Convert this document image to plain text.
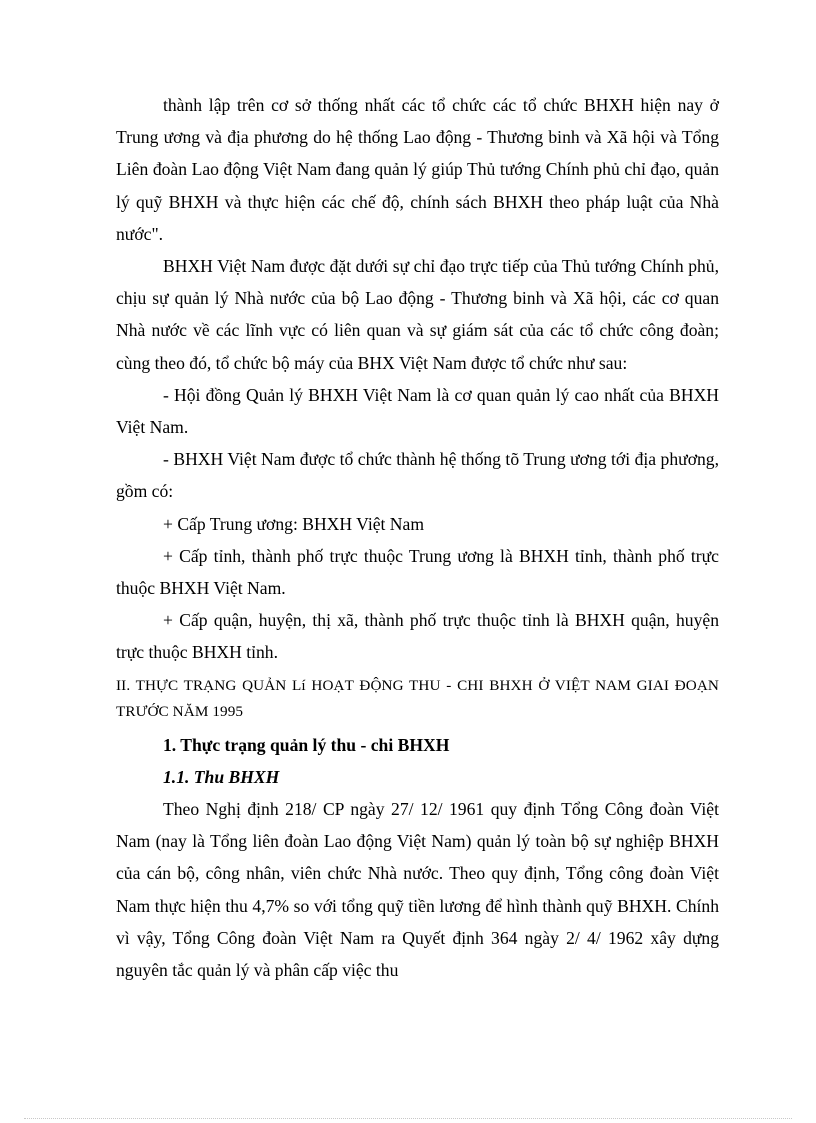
thành lập trên cơ sở thống nhất các tổ chức các tổ chức BHXH hiện nay ở Trung ương và địa phương do hệ thống Lao động - Thương binh và Xã hội và Tổng Liên đoàn Lao động Việt Nam đang quản lý giúp Thủ tướng Chính phủ chỉ đạo, quản lý quỹ BHXH và thực hiện các chế độ, chính sách BHXH theo pháp luật của Nhà nước".

BHXH Việt Nam được đặt dưới sự chỉ đạo trực tiếp của Thủ tướng Chính phủ, chịu sự quản lý Nhà nước của bộ Lao động - Thương binh và Xã hội, các cơ quan Nhà nước về các lĩnh vực có liên quan và sự giám sát của các tổ chức công đoàn; cùng theo đó, tổ chức bộ máy của BHX Việt Nam được tổ chức như sau:

- Hội đồng Quản lý BHXH Việt Nam là cơ quan quản lý cao nhất của BHXH Việt Nam.

- BHXH Việt Nam được tổ chức thành hệ thống tõ Trung ương tới địa phương, gồm có:

+ Cấp Trung ương: BHXH Việt Nam

+ Cấp tỉnh, thành phố trực thuộc Trung ương là BHXH tỉnh, thành phố trực thuộc BHXH Việt Nam.

+ Cấp quận, huyện, thị xã, thành phố trực thuộc tỉnh là BHXH quận, huyện trực thuộc BHXH tỉnh.

II. THỰC TRẠNG QUẢN Lí HOẠT ĐỘNG THU - CHI BHXH Ở VIỆT NAM GIAI ĐOẠN TRƯỚC NĂM 1995

1. Thực trạng quản lý thu - chi BHXH

1.1. Thu BHXH

Theo Nghị định 218/ CP ngày 27/ 12/ 1961 quy định Tổng Công đoàn Việt Nam (nay là Tổng liên đoàn Lao động Việt Nam) quản lý toàn bộ sự nghiệp BHXH của cán bộ, công nhân, viên chức Nhà nước. Theo quy định, Tổng công đoàn Việt Nam thực hiện thu 4,7% so với tổng quỹ tiền lương để hình thành quỹ BHXH. Chính vì vậy, Tổng Công đoàn Việt Nam ra Quyết định 364 ngày 2/ 4/ 1962 xây dựng nguyên tắc quản lý và phân cấp việc thu
